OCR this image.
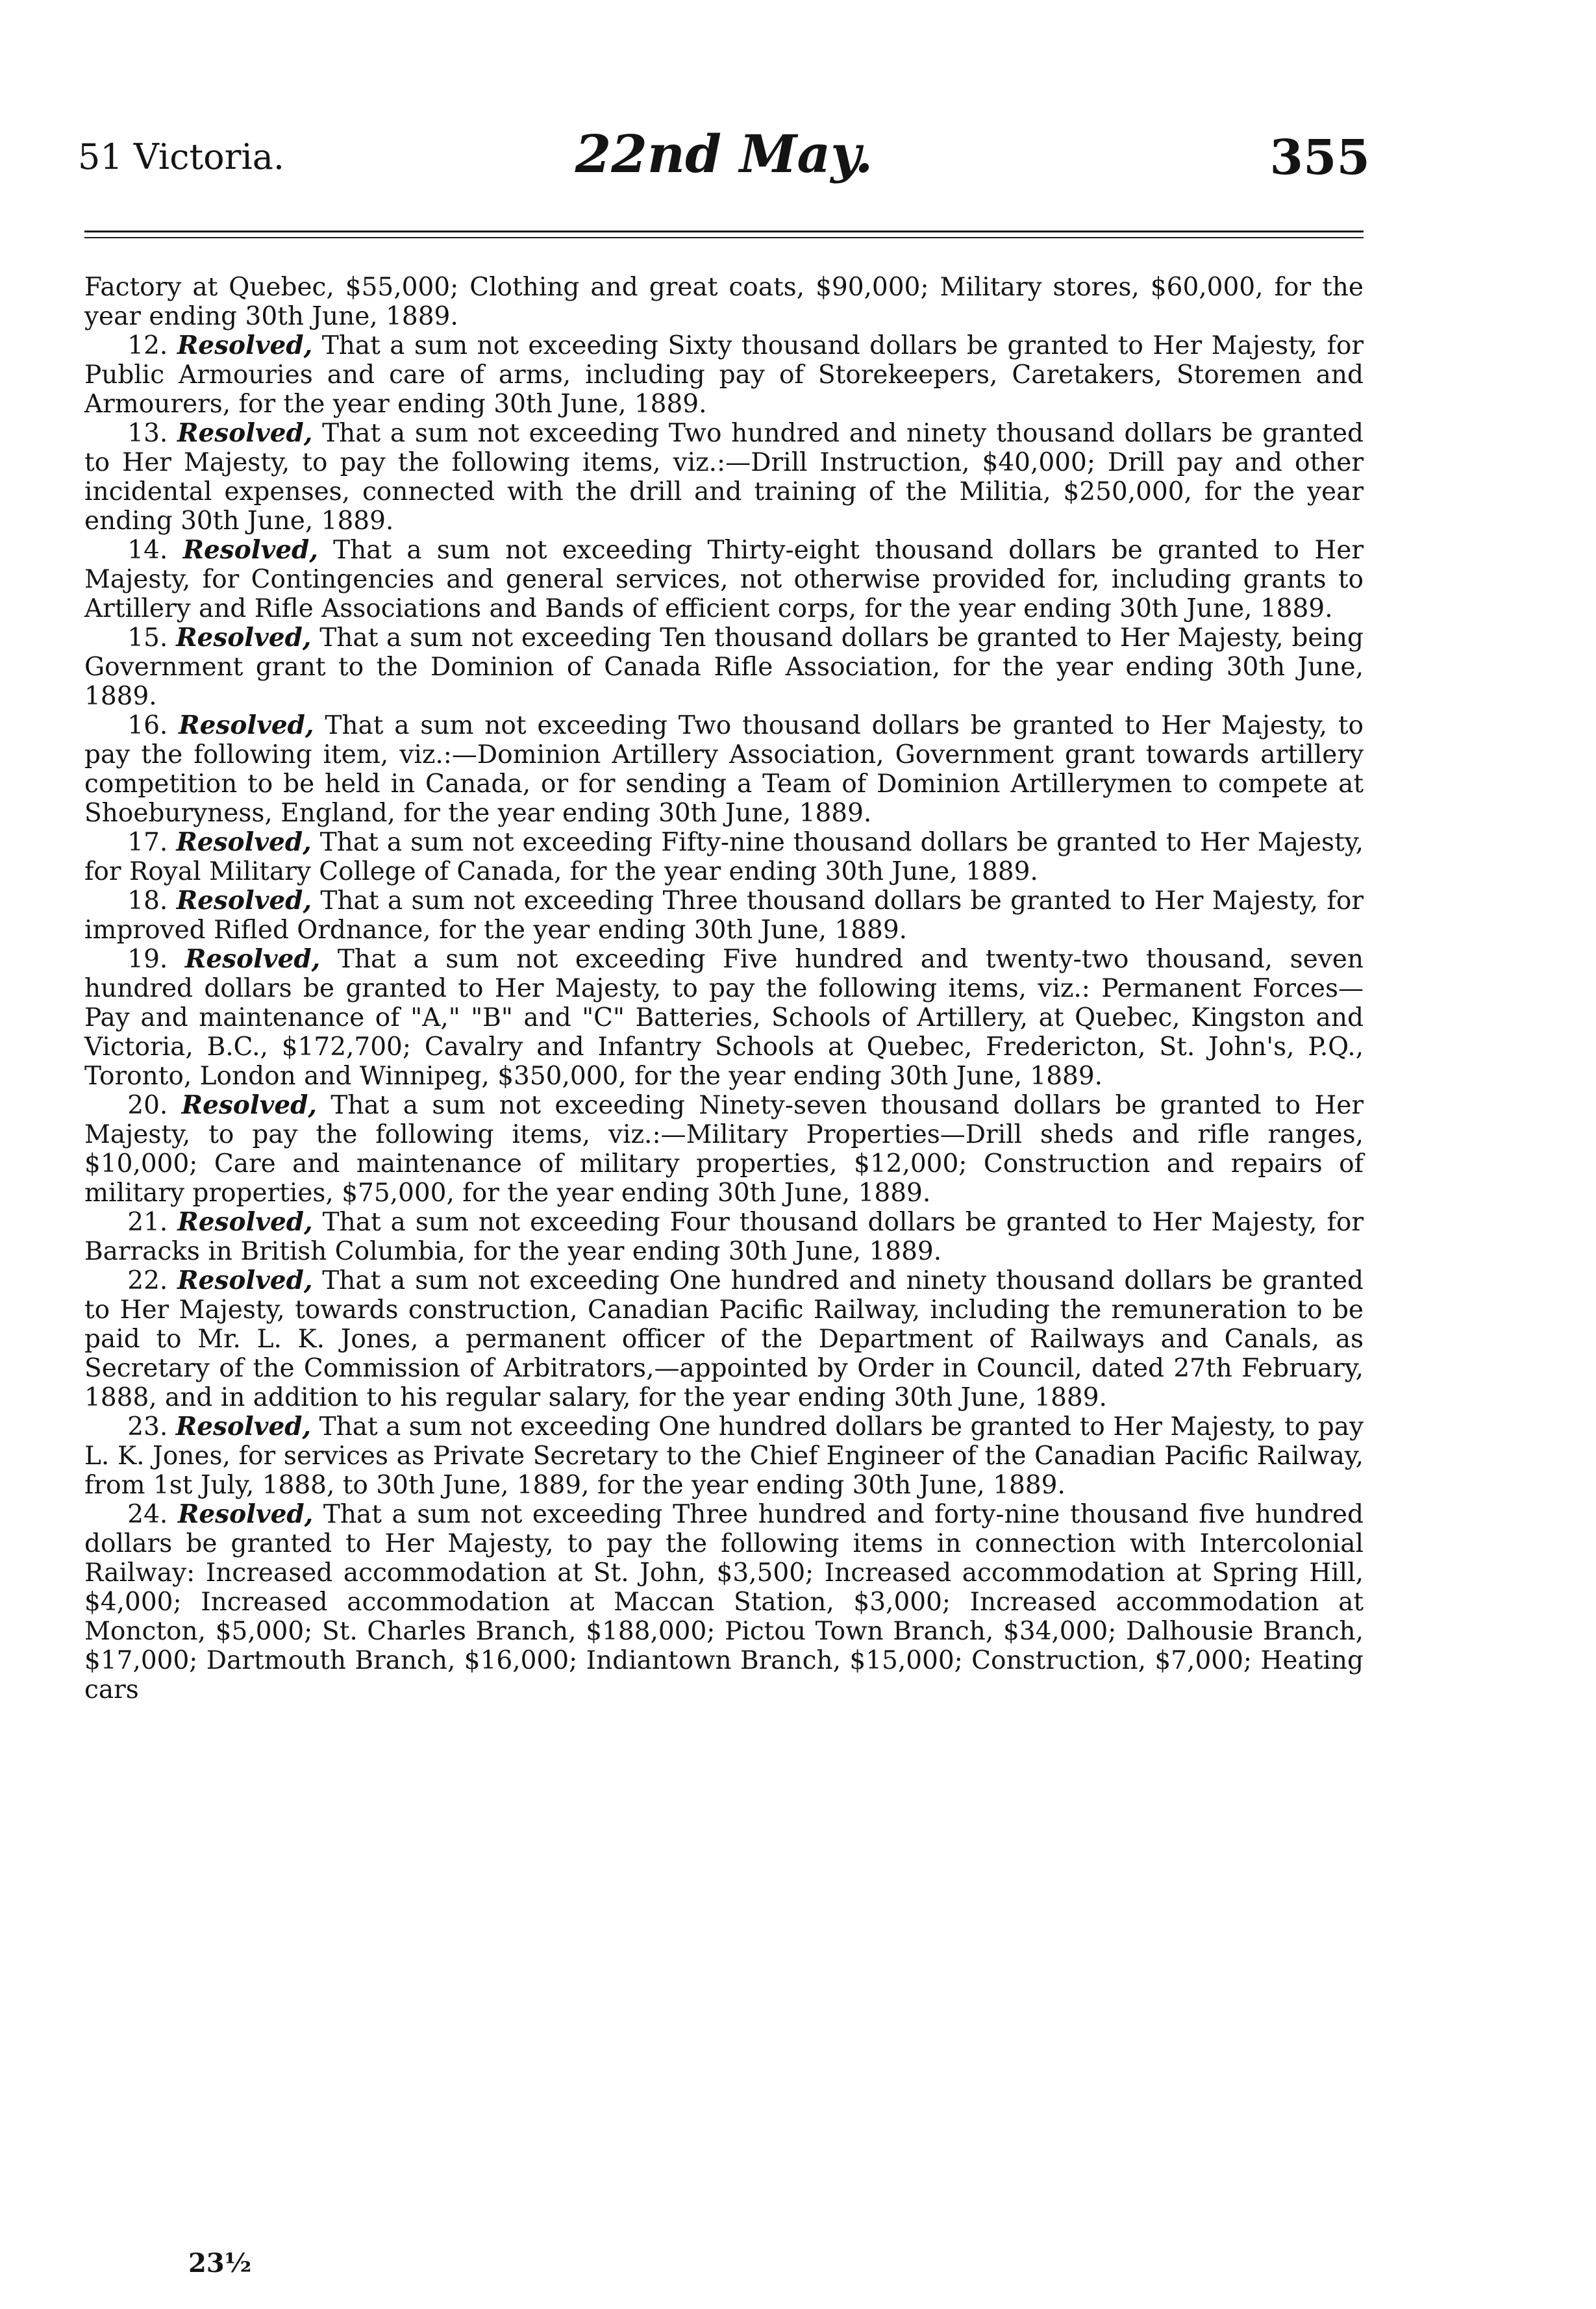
51 Victoria.	22nd May.	355

Factory at Quebec, $55,000; Clothing and great coats, $90,000; Military stores, $60,000, for the year ending 30th June, 1889.

12. Resolved, That a sum not exceeding Sixty thousand dollars be granted to Her Majesty, for Public Armouries and care of arms, including pay of Storekeepers, Caretakers, Storemen and Armourers, for the year ending 30th June, 1889.

13. Resolved, That a sum not exceeding Two hundred and ninety thousand dollars be granted to Her Majesty, to pay the following items, viz.:—Drill Instruction, $40,000; Drill pay and other incidental expenses, connected with the drill and training of the Militia, $250,000, for the year ending 30th June, 1889.

14. Resolved, That a sum not exceeding Thirty-eight thousand dollars be granted to Her Majesty, for Contingencies and general services, not otherwise provided for, including grants to Artillery and Rifle Associations and Bands of efficient corps, for the year ending 30th June, 1889.

15. Resolved, That a sum not exceeding Ten thousand dollars be granted to Her Majesty, being Government grant to the Dominion of Canada Rifle Association, for the year ending 30th June, 1889.

16. Resolved, That a sum not exceeding Two thousand dollars be granted to Her Majesty, to pay the following item, viz.:—Dominion Artillery Association, Government grant towards artillery competition to be held in Canada, or for sending a Team of Dominion Artillerymen to compete at Shoeburyness, England, for the year ending 30th June, 1889.

17. Resolved, That a sum not exceeding Fifty-nine thousand dollars be granted to Her Majesty, for Royal Military College of Canada, for the year ending 30th June, 1889.

18. Resolved, That a sum not exceeding Three thousand dollars be granted to Her Majesty, for improved Rifled Ordnance, for the year ending 30th June, 1889.

19. Resolved, That a sum not exceeding Five hundred and twenty-two thousand, seven hundred dollars be granted to Her Majesty, to pay the following items, viz.: Permanent Forces—Pay and maintenance of "A," "B" and "C" Batteries, Schools of Artillery, at Quebec, Kingston and Victoria, B.C., $172,700; Cavalry and Infantry Schools at Quebec, Fredericton, St. John's, P.Q., Toronto, London and Winnipeg, $350,000, for the year ending 30th June, 1889.

20. Resolved, That a sum not exceeding Ninety-seven thousand dollars be granted to Her Majesty, to pay the following items, viz.:—Military Properties—Drill sheds and rifle ranges, $10,000; Care and maintenance of military properties, $12,000; Construction and repairs of military properties, $75,000, for the year ending 30th June, 1889.

21. Resolved, That a sum not exceeding Four thousand dollars be granted to Her Majesty, for Barracks in British Columbia, for the year ending 30th June, 1889.

22. Resolved, That a sum not exceeding One hundred and ninety thousand dollars be granted to Her Majesty, towards construction, Canadian Pacific Railway, including the remuneration to be paid to Mr. L. K. Jones, a permanent officer of the Department of Railways and Canals, as Secretary of the Commission of Arbitrators,—appointed by Order in Council, dated 27th February, 1888, and in addition to his regular salary, for the year ending 30th June, 1889.

23. Resolved, That a sum not exceeding One hundred dollars be granted to Her Majesty, to pay L. K. Jones, for services as Private Secretary to the Chief Engineer of the Canadian Pacific Railway, from 1st July, 1888, to 30th June, 1889, for the year ending 30th June, 1889.

24. Resolved, That a sum not exceeding Three hundred and forty-nine thousand five hundred dollars be granted to Her Majesty, to pay the following items in connection with Intercolonial Railway: Increased accommodation at St. John, $3,500; Increased accommodation at Spring Hill, $4,000; Increased accommodation at Maccan Station, $3,000; Increased accommodation at Moncton, $5,000; St. Charles Branch, $188,000; Pictou Town Branch, $34,000; Dalhousie Branch, $17,000; Dartmouth Branch, $16,000; Indiantown Branch, $15,000; Construction, $7,000; Heating cars

23½
